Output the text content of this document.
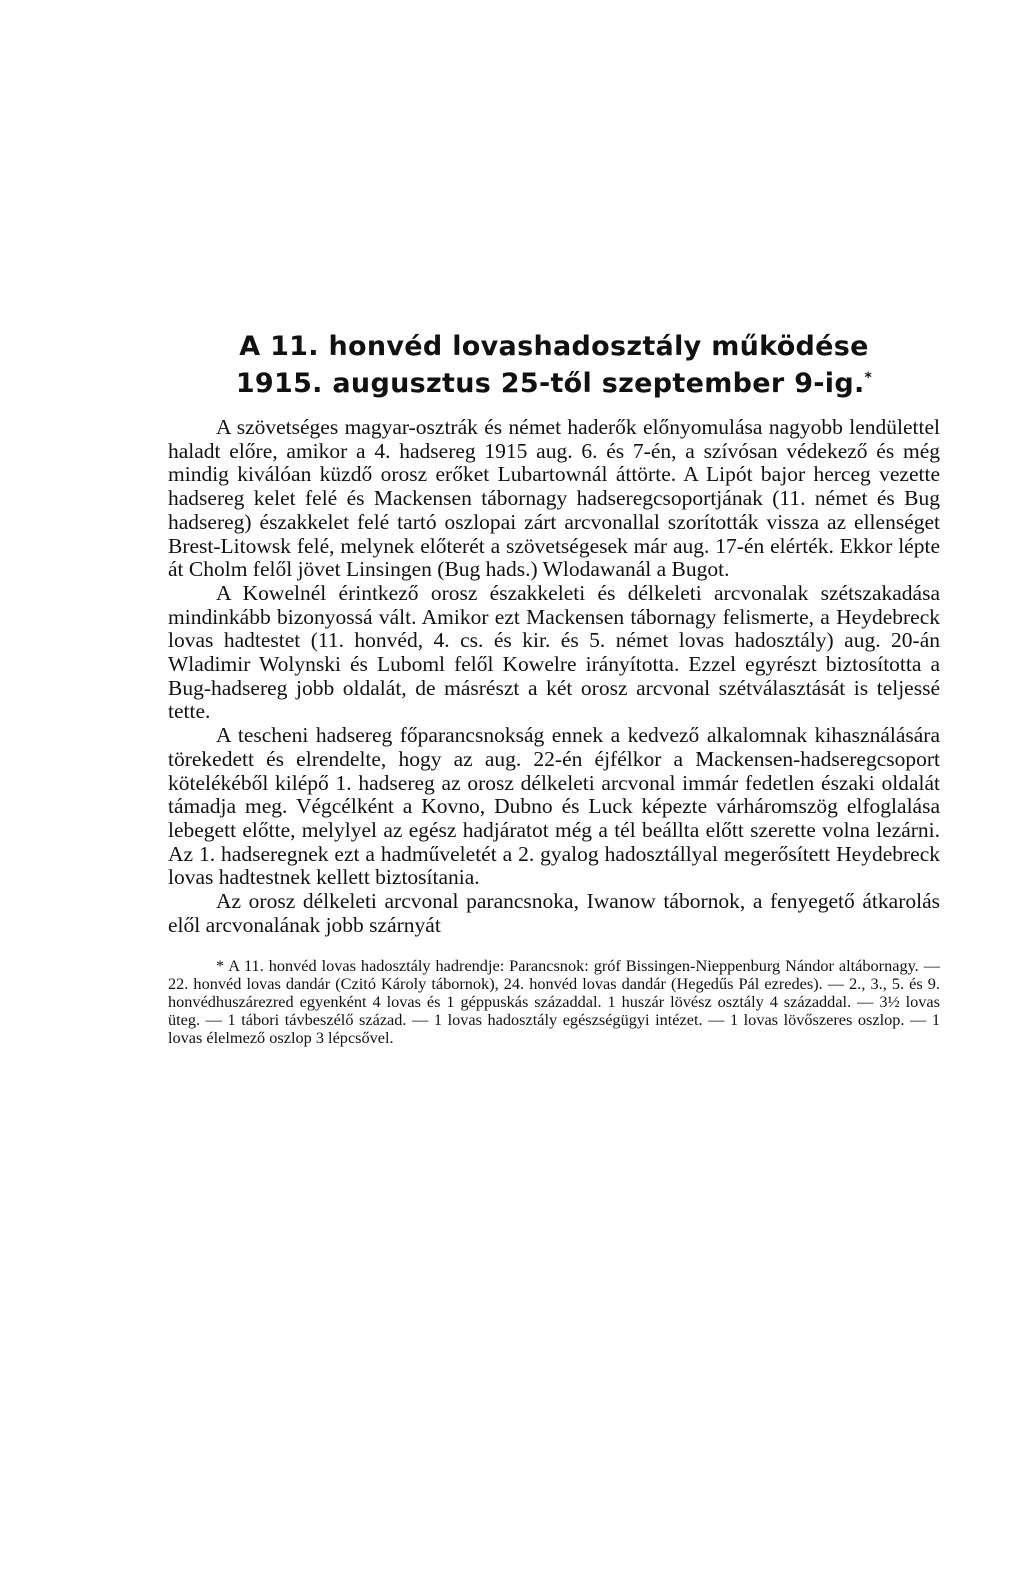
A 11. honvéd lovashadosztály működése
1915. augusztus 25-től szeptember 9-ig.*

A szövetséges magyar-osztrák és német haderők előnyomulása nagyobb lendülettel haladt előre, amikor a 4. hadsereg 1915 aug. 6. és 7-én, a szívósan védekező és még mindig kiválóan küzdő orosz erőket Lubartownál áttörte. A Lipót bajor herceg vezette hadsereg kelet felé és Mackensen tábornagy hadseregcsoportjának (11. német és Bug hadsereg) északkelet felé tartó oszlopai zárt arcvonallal szorították vissza az ellenséget Brest-Litowsk felé, melynek előterét a szövetségesek már aug. 17-én elérték. Ekkor lépte át Cholm felől jövet Linsingen (Bug hads.) Wlodawanál a Bugot.

A Kowelnél érintkező orosz északkeleti és délkeleti arcvonalak szétszakadása mindinkább bizonyossá vált. Amikor ezt Mackensen tábornagy felismerte, a Heydebreck lovas hadtestet (11. honvéd, 4. cs. és kir. és 5. német lovas hadosztály) aug. 20-án Wladimir Wolynski és Luboml felől Kowelre irányította. Ezzel egyrészt biztosította a Bug-hadsereg jobb oldalát, de másrészt a két orosz arcvonal szétválasztását is teljessé tette.

A tescheni hadsereg főparancsnokság ennek a kedvező alkalomnak kihasználására törekedett és elrendelte, hogy az aug. 22-én éjfélkor a Mackensen-hadseregcsoport kötelékéből kilépő 1. hadsereg az orosz délkeleti arcvonal immár fedetlen északi oldalát támadja meg. Végcélként a Kovno, Dubno és Luck képezte várháromszög elfoglalása lebegett előtte, melylyel az egész hadjáratot még a tél beállta előtt szerette volna lezárni. Az 1. hadseregnek ezt a hadműveletét a 2. gyalog hadosztállyal megerősített Heydebreck lovas hadtestnek kellett biztosítania.

Az orosz délkeleti arcvonal parancsnoka, Iwanow tábornok, a fenyegető átkarolás elől arcvonalának jobb szárnyát

* A 11. honvéd lovas hadosztály hadrendje: Parancsnok: gróf Bissingen-Nieppenburg Nándor altábornagy. — 22. honvéd lovas dandár (Czitó Károly tábornok), 24. honvéd lovas dandár (Hegedűs Pál ezredes). — 2., 3., 5. és 9. honvédhuszárezred egyenként 4 lovas és 1 géppuskás századdal. 1 huszár lövész osztály 4 századdal. — 3½ lovas üteg. — 1 tábori távbeszélő század. — 1 lovas hadosztály egészségügyi intézet. — 1 lovas lövőszeres oszlop. — 1 lovas élelmező oszlop 3 lépcsővel.
